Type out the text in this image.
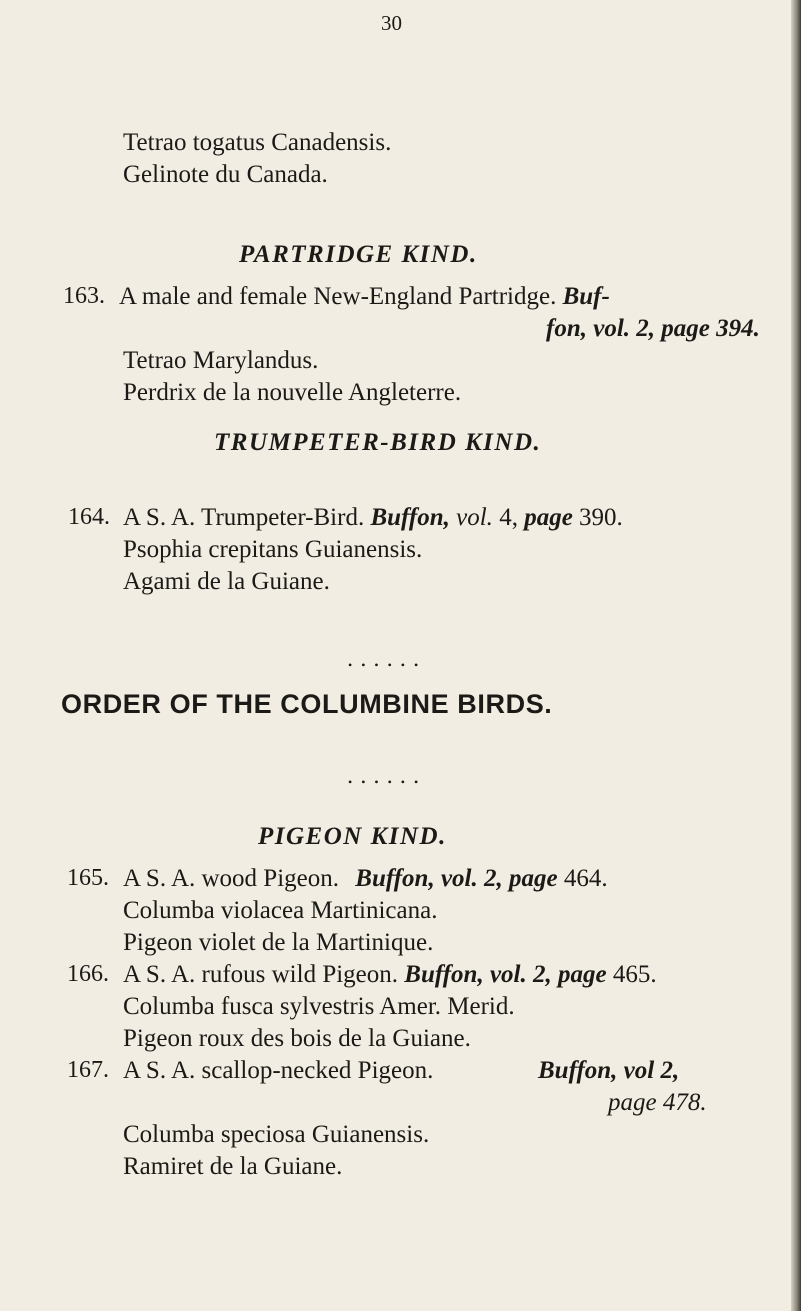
30
Tetrao togatus Canadensis.
Gelinote du Canada.
PARTRIDGE KIND.
163. A male and female New-England Partridge. Buf-
fon, vol. 2, page 394.
Tetrao Marylandus.
Perdrix de la nouvelle Angleterre.
TRUMPETER-BIRD KIND.
164. A S. A. Trumpeter-Bird. Buffon, vol. 4, page 390.
Psophia crepitans Guianensis.
Agami de la Guiane.
• • • • • •
ORDER OF THE COLUMBINE BIRDS.
• • • • • •
PIGEON KIND.
165. A S. A. wood Pigeon. Buffon, vol. 2, page 464.
Columba violacea Martinicana.
Pigeon violet de la Martinique.
166. A S. A. rufous wild Pigeon. Buffon, vol. 2, page 465.
Columba fusca sylvestris Amer. Merid.
Pigeon roux des bois de la Guiane.
167. A S. A. scallop-necked Pigeon.	Buffon, vol 2,
page 478.
Columba speciosa Guianensis.
Ramiret de la Guiane.
